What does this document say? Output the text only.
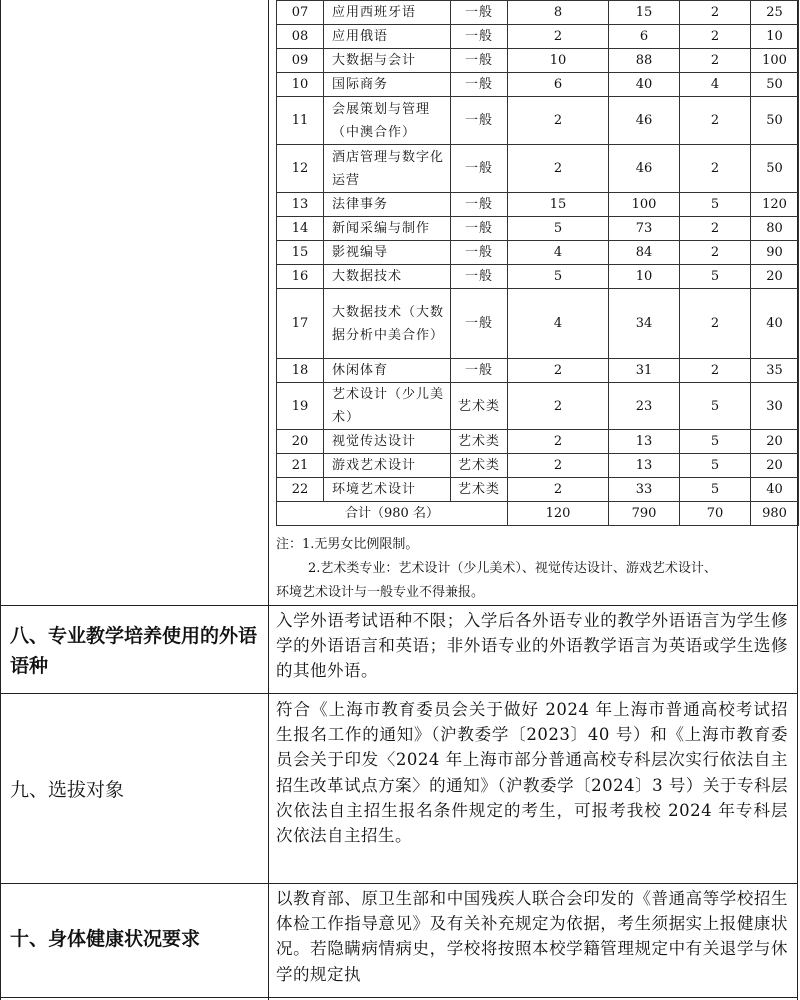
07	应用西班牙语	一般	8	15	2	25
08	应用俄语	一般	2	6	2	10
09	大数据与会计	一般	10	88	2	100
10	国际商务	一般	6	40	4	50
11	会展策划与管理（中澳合作）	一般	2	46	2	50
12	酒店管理与数字化运营	一般	2	46	2	50
13	法律事务	一般	15	100	5	120
14	新闻采编与制作	一般	5	73	2	80
15	影视编导	一般	4	84	2	90
16	大数据技术	一般	5	10	5	20
17	大数据技术（大数据分析中美合作）	一般	4	34	2	40
18	休闲体育	一般	2	31	2	35
19	艺术设计（少儿美术）	艺术类	2	23	5	30
20	视觉传达设计	艺术类	2	13	5	20
21	游戏艺术设计	艺术类	2	13	5	20
22	环境艺术设计	艺术类	2	33	5	40
合计（980 名）			120	790	70	980

注：1.无男女比例限制。

2.艺术类专业：艺术设计（少儿美术）、视觉传达设计、游戏艺术设计、

环境艺术设计与一般专业不得兼报。

八、专业教学培养使用的外语
语种
入学外语考试语种不限；入学后各外语专业的教学外语语言为学生修学的外语语言和英语；非外语专业的外语教学语言为英语或学生选修的其他外语。
九、选拔对象
符合《上海市教育委员会关于做好 2024 年上海市普通高校考试招生报名工作的通知》（沪教委学〔2023〕40 号）和《上海市教育委员会关于印发〈2024 年上海市部分普通高校专科层次实行依法自主招生改革试点方案〉的通知》（沪教委学〔2024〕3 号）关于专科层次依法自主招生报名条件规定的考生，可报考我校 2024 年专科层次依法自主招生。
十、身体健康状况要求
以教育部、原卫生部和中国残疾人联合会印发的《普通高等学校招生体检工作指导意见》及有关补充规定为依据，考生须据实上报健康状况。若隐瞒病情病史，学校将按照本校学籍管理规定中有关退学与休学的规定执
